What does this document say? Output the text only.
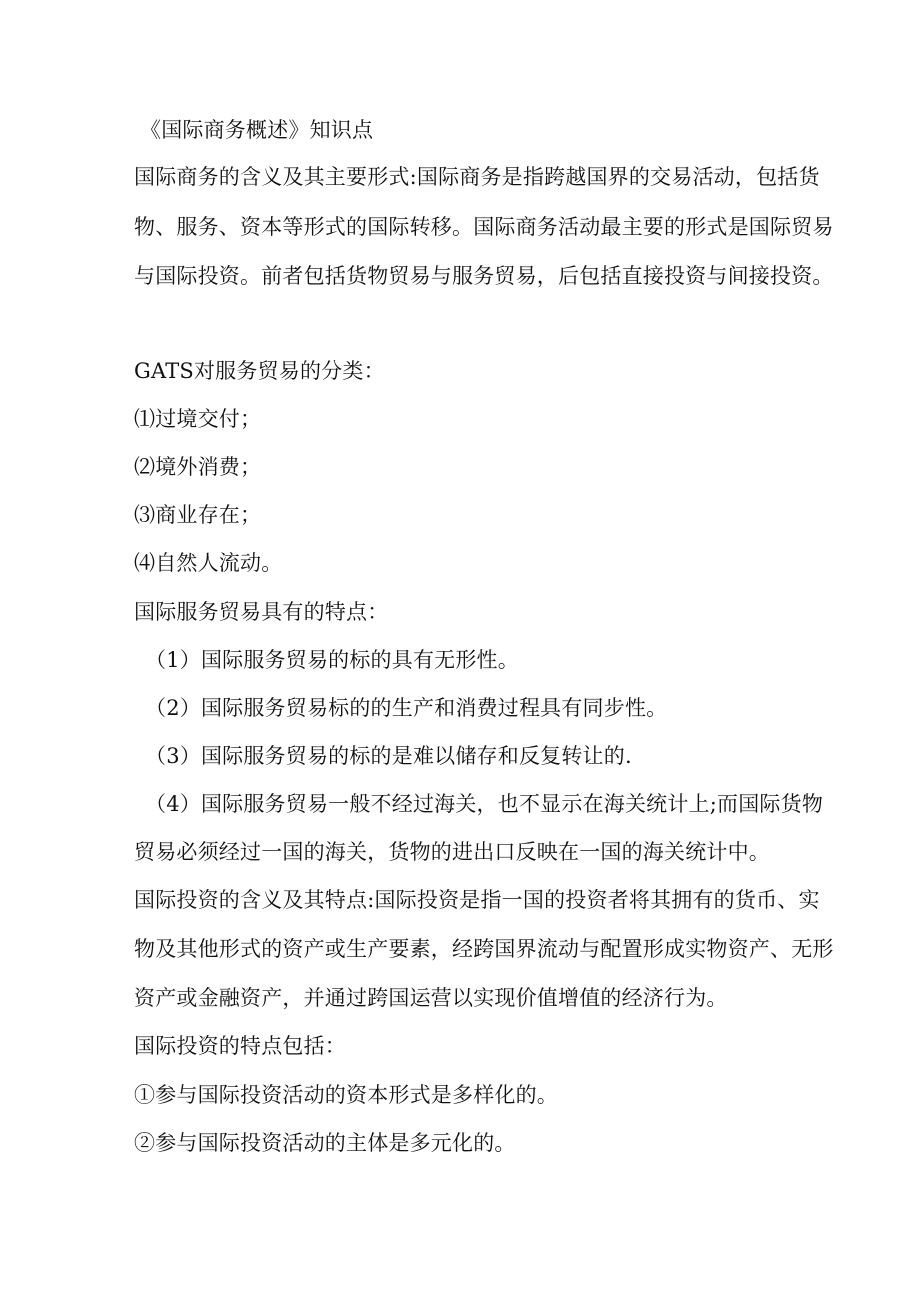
《国际商务概述》知识点
国际商务的含义及其主要形式:国际商务是指跨越国界的交易活动，包括货
物、服务、资本等形式的国际转移。国际商务活动最主要的形式是国际贸易
与国际投资。前者包括货物贸易与服务贸易，后包括直接投资与间接投资。
GATS对服务贸易的分类：
⑴过境交付；
⑵境外消费；
⑶商业存在；
⑷自然人流动。
国际服务贸易具有的特点：
（1）国际服务贸易的标的具有无形性。
（2）国际服务贸易标的的生产和消费过程具有同步性。
（3）国际服务贸易的标的是难以储存和反复转让的.
（4）国际服务贸易一般不经过海关，也不显示在海关统计上;而国际货物
贸易必须经过一国的海关，货物的进出口反映在一国的海关统计中。
国际投资的含义及其特点:国际投资是指一国的投资者将其拥有的货币、实
物及其他形式的资产或生产要素，经跨国界流动与配置形成实物资产、无形
资产或金融资产，并通过跨国运营以实现价值增值的经济行为。
国际投资的特点包括：
①参与国际投资活动的资本形式是多样化的。
②参与国际投资活动的主体是多元化的。
